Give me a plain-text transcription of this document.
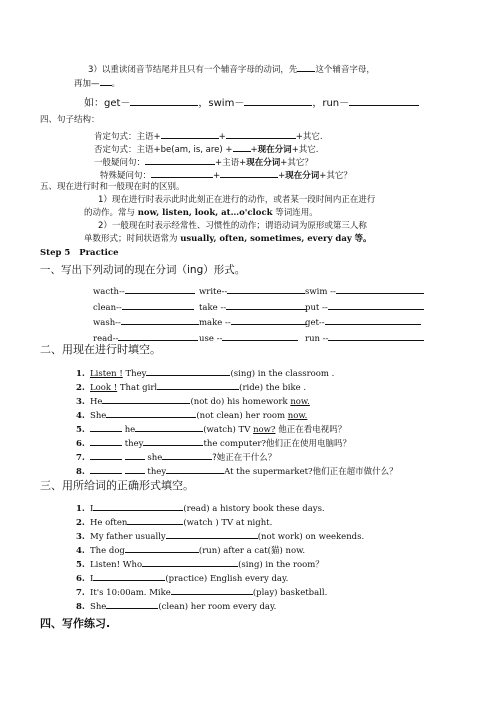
3）以重读闭音节结尾并且只有一个辅音字母的动词，先 这个辅音字母，
再加— 。
如：get－	，swim－	，run－
四、句子结构：
肯定句式：主语+	+	+其它.
否定句式：主语+be(am, is, are) + +现在分词+其它.
一般疑问句：	+主语+现在分词+其它？
特殊疑问句：	+	+现在分词+其它？
五、现在进行时和一般现在时的区别。
1）现在进行时表示此时此刻正在进行的动作，或者某一段时间内正在进行
的动作。常与 now, listen, look, at…o'clock 等词连用。
2）一般现在时表示经常性、习惯性的动作；谓语动词为原形或第三人称
单数形式；时间状语常为 usually, often, sometimes, every day 等。
Step 5 Practice
一、写出下列动词的现在分词（ing）形式。
wacth--	write--	swim --
clean--	take --	put --
wash--	make --	get--
read--	use --	run --
二、用现在进行时填空。
1. Listen ! They	(sing) in the classroom .
2. Look ! That girl	(ride) the bike .
3. He	(not do) his homework now.
4. She	(not clean) her room now.
5.	he	(watch) TV now? 他正在看电视吗？
6.	they	the computer?他们正在使用电脑吗？
7.	she	?她正在干什么？
8.	they	At the supermarket?他们正在超市做什么？
三、用所给词的正确形式填空。
1. I	(read) a history book these days.
2. He often	(watch ) TV at night.
3. My father usually	(not work) on weekends.
4. The dog	(run) after a cat(猫) now.
5. Listen! Who	(sing) in the room？
6. I	(practice) English every day.
7. It's 10:00am. Mike	(play) basketball.
8. She	(clean) her room every day.
四、写作练习.
